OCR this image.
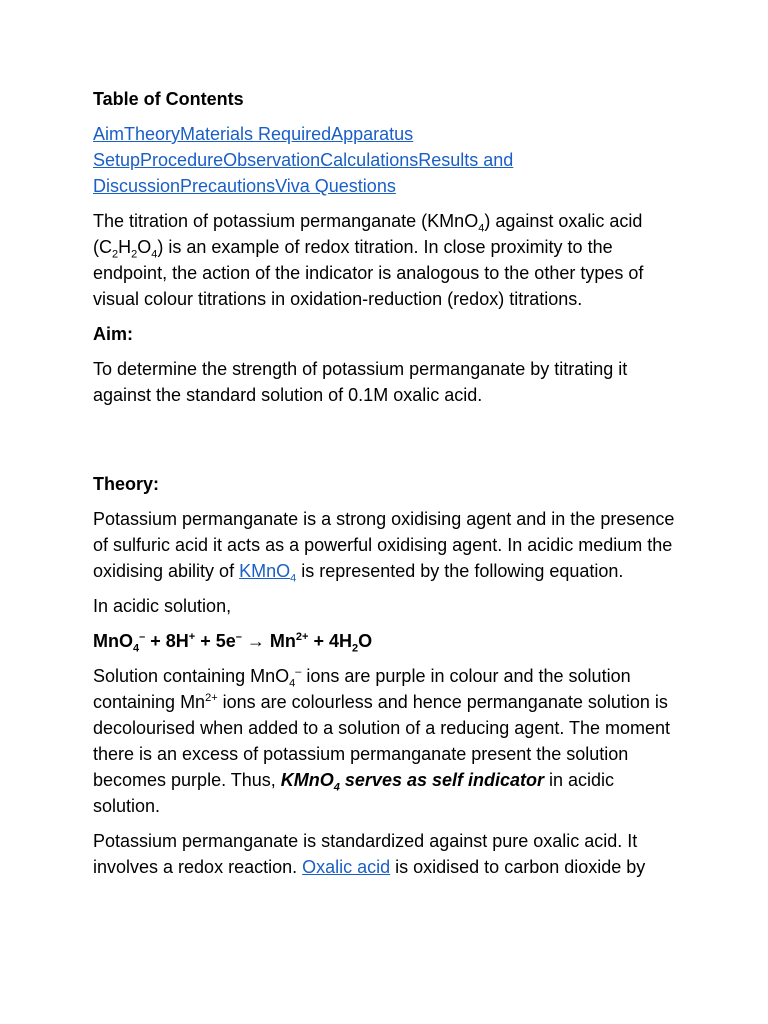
Table of Contents

AimTheoryMaterials RequiredApparatus SetupProcedureObservationCalculationsResults and DiscussionPrecautionsViva Questions

The titration of potassium permanganate (KMnO$_4$) against oxalic acid $(C_2H_2O_4)$ is an example of redox titration. In close proximity to the endpoint, the action of the indicator is analogous to the other types of visual colour titrations in oxidation-reduction (redox) titrations.

Aim:

To determine the strength of potassium permanganate by titrating it against the standard solution of 0.1M oxalic acid.

Theory:

Potassium permanganate is a strong oxidising agent and in the presence of sulfuric acid it acts as a powerful oxidising agent. In acidic medium the oxidising ability of KMnO$_4$ is represented by the following equation.

In acidic solution,

$MnO_4^- + 8H^+ + 5e^- \to Mn^{2+} + 4H_2O$

Solution containing MnO$_4$– ions are purple in colour and the solution containing $Mn^{2+}$ ions are colourless and hence permanganate solution is decolourised when added to a solution of a reducing agent. The moment there is an excess of potassium permanganate present the solution becomes purple. Thus, KMnO$_4$ serves as self indicator in acidic solution.

Potassium permanganate is standardized against pure oxalic acid. It involves a redox reaction. Oxalic acid is oxidised to carbon dioxide by
